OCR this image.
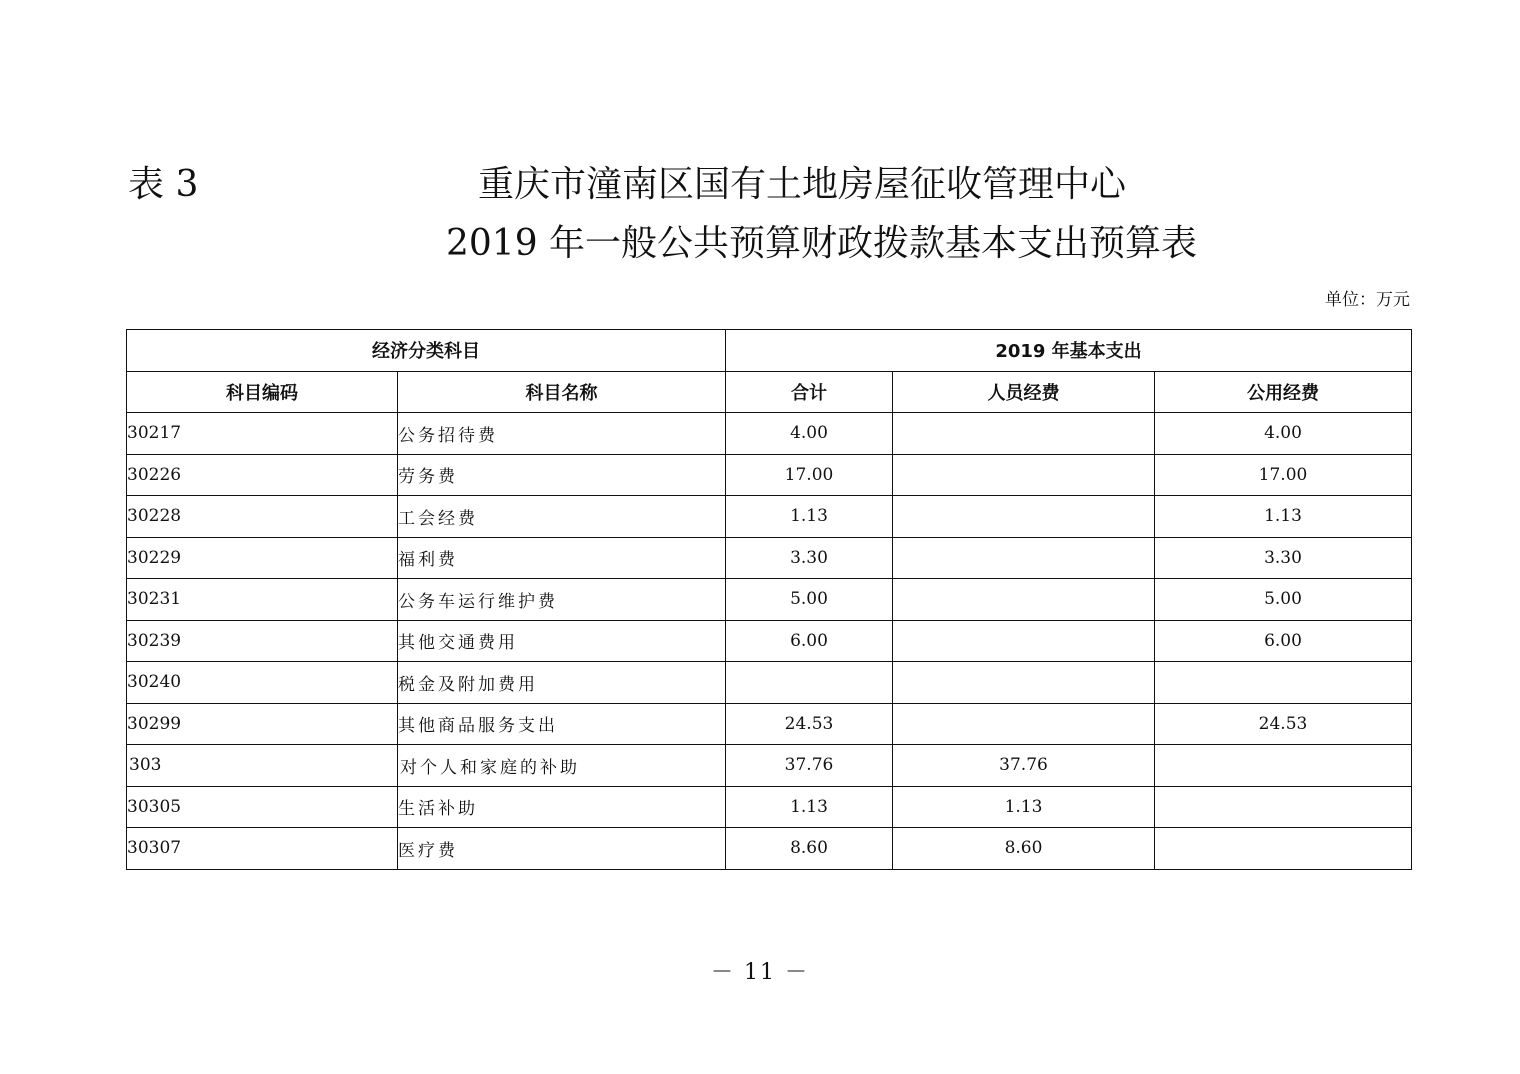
表 3	重庆市潼南区国有土地房屋征收管理中心
2019 年一般公共预算财政拨款基本支出预算表
单位：万元
经济分类科目		2019 年基本支出		
科目编码	科目名称	合计	人员经费	公用经费
30217	公务招待费	4.00		4.00
30226	劳务费	17.00		17.00
30228	工会经费	1.13		1.13
30229	福利费	3.30		3.30
30231	公务车运行维护费	5.00		5.00
30239	其他交通费用	6.00		6.00
30240	税金及附加费用			
30299	其他商品服务支出	24.53		24.53
303	对个人和家庭的补助	37.76	37.76	
30305	生活补助	1.13	1.13	
30307	医疗费	8.60	8.60	
－ 11 －
